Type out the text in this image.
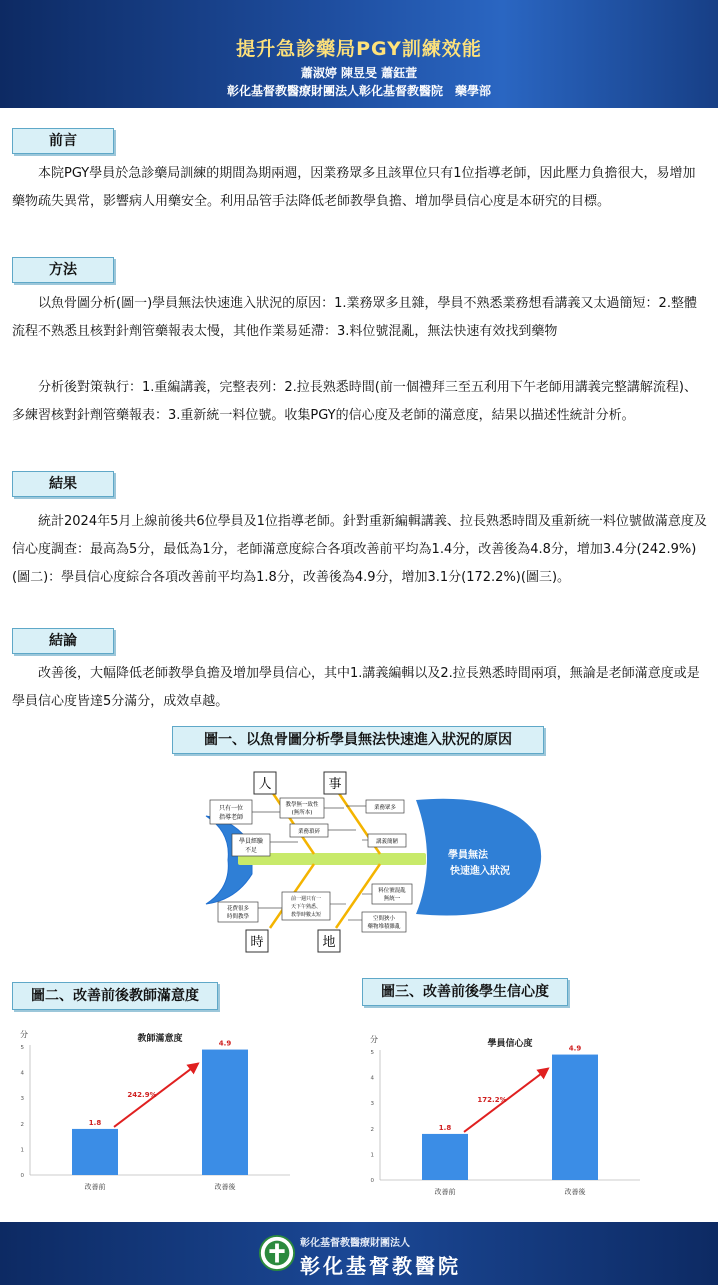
提升急診藥局PGY訓練效能
蕭淑婷 陳昱旻 蕭鈺萱
彰化基督教醫療財團法人彰化基督教醫院　藥學部
前言
　　本院PGY學員於急診藥局訓練的期間為期兩週，因業務眾多且該單位只有1位指導老師，因此壓力負擔很大，易增加藥物疏失異常，影響病人用藥安全。利用品管手法降低老師教學負擔、增加學員信心度是本研究的目標。
方法
　　以魚骨圖分析(圖一)學員無法快速進入狀況的原因：1.業務眾多且雜，學員不熟悉業務想看講義又太過簡短：2.整體流程不熟悉且核對針劑管藥報表太慢，其他作業易延滯：3.料位號混亂，無法快速有效找到藥物
　　分析後對策執行：1.重編講義，完整表列：2.拉長熟悉時間(前一個禮拜三至五利用下午老師用講義完整講解流程)、多練習核對針劑管藥報表：3.重新統一料位號。收集PGY的信心度及老師的滿意度，結果以描述性統計分析。
結果
　　統計2024年5月上線前後共6位學員及1位指導老師。針對重新編輯講義、拉長熟悉時間及重新統一料位號做滿意度及信心度調查：最高為5分，最低為1分，老師滿意度綜合各項改善前平均為1.4分，改善後為4.8分，增加3.4分(242.9%)(圖二)：學員信心度綜合各項改善前平均為1.8分，改善後為4.9分，增加3.1分(172.2%)(圖三)。
結論
　　改善後，大幅降低老師教學負擔及增加學員信心，其中1.講義編輯以及2.拉長熟悉時間兩項，無論是老師滿意度或是學員信心度皆達5分滿分，成效卓越。
圖一、以魚骨圖分析學員無法快速進入狀況的原因
人	事
時	地
只有一位
指導老師
學員經驗
不足
教學無一致性
(無所本)
業務眾多
業務瑣碎
講義簡陋
花費很多
時間教學
前一週只有一
天下午熟悉、
教學時數太短
料位號混亂
無統一
空間狹小
藥物堆積雜亂
學員無法
快速進入狀況
圖二、改善前後教師滿意度
分	教師滿意度
0
1
2
3
4
5
1.8
改善前
4.9
改善後
242.9%
圖三、改善前後學生信心度
分	學員信心度
0
1
2
3
4
5
1.8
改善前
4.9
改善後
172.2%
彰化基督教醫療財團法人
彰化基督教醫院
